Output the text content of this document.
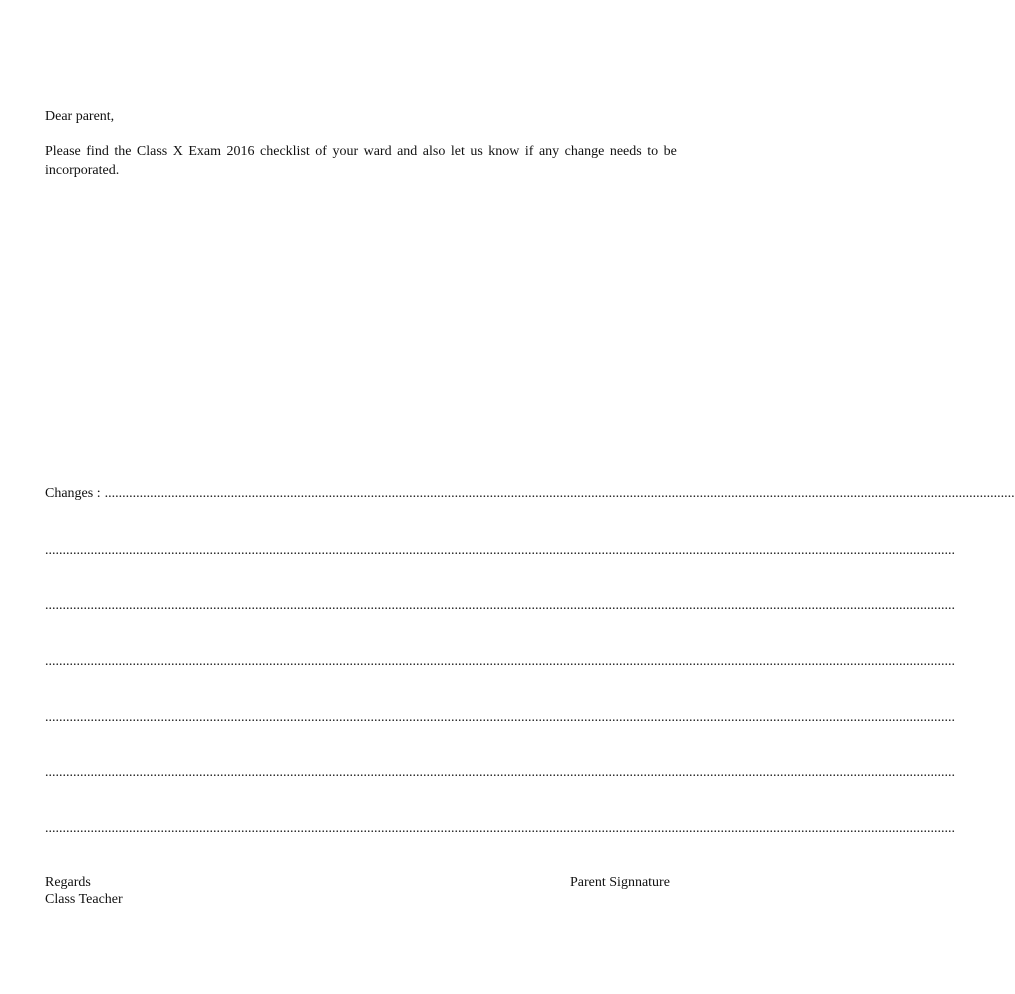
Dear parent,
Please find the Class X Exam 2016 checklist of your ward and also let us know if any change needs to be incorporated.
Changes : ....................................................................................................................................................................................................................................................................
....................................................................................................................................................................................................................................................................
....................................................................................................................................................................................................................................................................
....................................................................................................................................................................................................................................................................
....................................................................................................................................................................................................................................................................
....................................................................................................................................................................................................................................................................
....................................................................................................................................................................................................................................................................
Regards
Class Teacher
Parent Signnature
